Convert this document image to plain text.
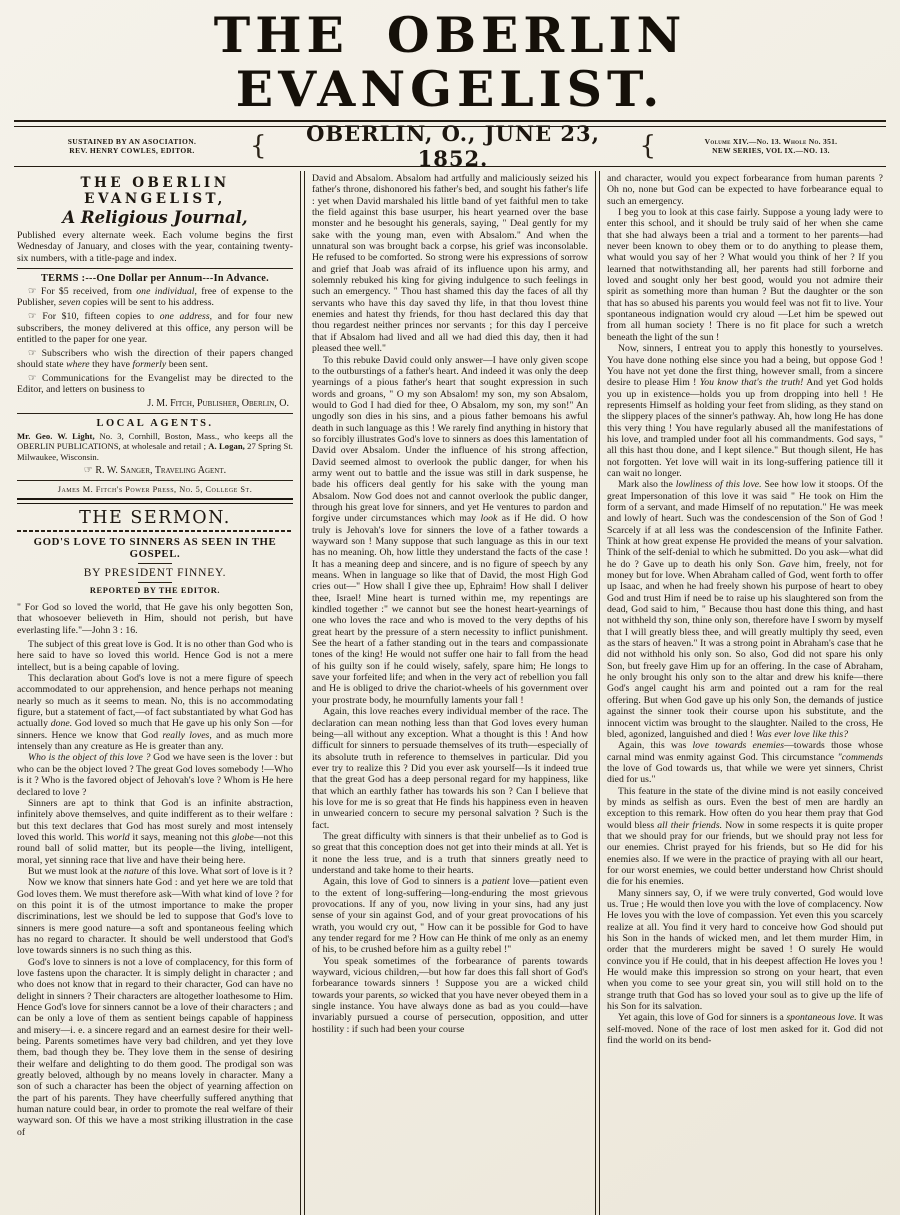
THE OBERLIN EVANGELIST.
SUSTAINED BY AN ASOCIATION.
REV. HENRY COWLES, EDITOR.	{	OBERLIN, O., JUNE 23, 1852.	{	Volume XIV.—No. 13. Whole No. 351.
NEW SERIES, VOL IX.—NO. 13.
THE OBERLIN EVANGELIST,
A Religious Journal,

Published every alternate week. Each volume begins the first Wednesday of January, and closes with the year, containing twenty-six numbers, with a title-page and index.

TERMS :---One Dollar per Annum---In Advance.

☞ For $5 received, from one individual, free of expense to the Publisher, seven copies will be sent to his address.

☞ For $10, fifteen copies to one address, and for four new subscribers, the money delivered at this office, any person will be entitled to the paper for one year.

☞ Subscribers who wish the direction of their papers changed should state where they have formerly been sent.

☞ Communications for the Evangelist may be directed to the Editor, and letters on business to

J. M. Fitch, Publisher, Oberlin, O.
LOCAL AGENTS.

Mr. Geo. W. Light, No. 3, Cornhill, Boston, Mass., who keeps all the OBERLIN PUBLICATIONS, at wholesale and retail ; A. Logan, 27 Spring St. Milwaukee, Wisconsin.

☞ R. W. Sanger, Traveling Agent.
James M. Fitch's Power Press, No. 5, College St.
THE SERMON.
GOD'S LOVE TO SINNERS AS SEEN IN THE GOSPEL.
BY PRESIDENT FINNEY.
REPORTED BY THE EDITOR.

" For God so loved the world, that He gave his only begotten Son, that whosoever believeth in Him, should not perish, but have everlasting life."—John 3 : 16.

The subject of this great love is God. It is no other than God who is here said to have so loved this world. Hence God is not a mere intellect, but is a being capable of loving.

This declaration about God's love is not a mere figure of speech accommodated to our apprehension, and hence perhaps not meaning nearly so much as it seems to mean. No, this is no accommodating figure, but a statement of fact,—of fact substantiated by what God has actually done. God loved so much that He gave up his only Son —for sinners. Hence we know that God really loves, and as much more intensely than any creature as He is greater than any.

Who is the object of this love ? God we have seen is the lover : but who can be the object loved ? The great God loves somebody !—Who is it ? Who is the favored object of Jehovah's love ? Whom is He here declared to love ?

Sinners are apt to think that God is an infinite abstraction, infinitely above themselves, and quite indifferent as to their welfare : but this text declares that God has most surely and most intensely loved this world. This world it says, meaning not this globe—not this round ball of solid matter, but its people—the living, intelligent, moral, yet sinning race that live and have their being here.

But we must look at the nature of this love. What sort of love is it ?

Now we know that sinners hate God : and yet here we are told that God loves them. We must therefore ask—With what kind of love ? for on this point it is of the utmost importance to make the proper discriminations, lest we should be led to suppose that God's love to sinners is mere good nature—a soft and spontaneous feeling which has no regard to character. It should be well understood that God's love towards sinners is no such thing as this.

God's love to sinners is not a love of complacency, for this form of love fastens upon the character. It is simply delight in character ; and who does not know that in regard to their character, God can have no delight in sinners ? Their characters are altogether loathesome to Him. Hence God's love for sinners cannot be a love of their characters ; and can be only a love of them as sentient beings capable of happiness and misery—i. e. a sincere regard and an earnest desire for their well-being. Parents sometimes have very bad children, and yet they love them, bad though they be. They love them in the sense of desiring their welfare and delighting to do them good. The prodigal son was greatly beloved, although by no means lovely in character. Many a son of such a character has been the object of yearning affection on the part of his parents. They have cheerfully suffered anything that human nature could bear, in order to promote the real welfare of their wayward son. Of this we have a most striking illustration in the case of

David and Absalom. Absalom had artfully and maliciously seized his father's throne, dishonored his father's bed, and sought his father's life : yet when David marshaled his little band of yet faithful men to take the field against this base usurper, his heart yearned over the base monster and he besought his generals, saying, " Deal gently for my sake with the young man, even with Absalom." And when the unnatural son was brought back a corpse, his grief was inconsolable. He refused to be comforted. So strong were his expressions of sorrow and grief that Joab was afraid of its influence upon his army, and solemnly rebuked his king for giving indulgence to such feelings in such an emergency. " Thou hast shamed this day the faces of all thy servants who have this day saved thy life, in that thou lovest thine enemies and hatest thy friends, for thou hast declared this day that thou regardest neither princes nor servants ; for this day I perceive that if Absalom had lived and all we had died this day, then it had pleased thee well."

To this rebuke David could only answer—I have only given scope to the outburstings of a father's heart. And indeed it was only the deep yearnings of a pious father's heart that sought expression in such words and groans, " O my son Absalom! my son, my son Absalom, would to God I had died for thee, O Absalom, my son, my son!" An ungodly son dies in his sins, and a pious father bemoans his awful death in such language as this ! We rarely find anything in history that so forcibly illustrates God's love to sinners as does this lamentation of David over Absalom. Under the influence of his strong affection, David seemed almost to overlook the public danger, for when his army went out to battle and the issue was still in dark suspense, he bade his officers deal gently for his sake with the young man Absalom. Now God does not and cannot overlook the public danger, through his great love for sinners, and yet He ventures to pardon and forgive under circumstances which may look as if He did. O how truly is Jehovah's love for sinners the love of a father towards a wayward son ! Many suppose that such language as this in our text has no meaning. Oh, how little they understand the facts of the case ! It has a meaning deep and sincere, and is no figure of speech by any means. When in language so like that of David, the most High God cries out—" How shall I give thee up, Ephraim! How shall I deliver thee, Israel! Mine heart is turned within me, my repentings are kindled together :" we cannot but see the honest heart-yearnings of one who loves the race and who is moved to the very depths of his great heart by the pressure of a stern necessity to inflict punishment. See the heart of a father standing out in the tears and compassionate tones of the king! He would not suffer one hair to fall from the head of his guilty son if he could wisely, safely, spare him; He longs to save your forfeited life; and when in the very act of rebellion you fall and He is obliged to drive the chariot-wheels of his government over your prostrate body, he mournfully laments your fall !

Again, this love reaches every individual member of the race. The declaration can mean nothing less than that God loves every human being—all without any exception. What a thought is this ! And how difficult for sinners to persuade themselves of its truth—especially of its absolute truth in reference to themselves in particular. Did you ever try to realize this ? Did you ever ask yourself—Is it indeed true that the great God has a deep personal regard for my happiness, like that which an earthly father has towards his son ? Can I believe that his love for me is so great that He finds his happiness even in heaven in unwearied concern to secure my personal salvation ? Such is the fact.

The great difficulty with sinners is that their unbelief as to God is so great that this conception does not get into their minds at all. Yet is it none the less true, and is a truth that sinners greatly need to understand and take home to their hearts.

Again, this love of God to sinners is a patient love—patient even to the extent of long-suffering—long-enduring the most grievous provocations. If any of you, now living in your sins, had any just sense of your sin against God, and of your great provocations of his wrath, you would cry out, " How can it be possible for God to have any tender regard for me ? How can He think of me only as an enemy of his, to be crushed before him as a guilty rebel !"

You speak sometimes of the forbearance of parents towards wayward, vicious children,—but how far does this fall short of God's forbearance towards sinners ! Suppose you are a wicked child towards your parents, so wicked that you have never obeyed them in a single instance. You have always done as bad as you could—have invariably pursued a course of persecution, opposition, and utter hostility : if such had been your course

and character, would you expect forbearance from human parents ? Oh no, none but God can be expected to have forbearance equal to such an emergency.

I beg you to look at this case fairly. Suppose a young lady were to enter this school, and it should be truly said of her when she came that she had always been a trial and a torment to her parents—had never been known to obey them or to do anything to please them, what would you say of her ? What would you think of her ? If you learned that notwithstanding all, her parents had still forborne and loved and sought only her best good, would you not admire their spirit as something more than human ? But the daughter or the son that has so abused his parents you would feel was not fit to live. Your spontaneous indignation would cry aloud —Let him be spewed out from all human society ! There is no fit place for such a wretch beneath the light of the sun !

Now, sinners, I entreat you to apply this honestly to yourselves. You have done nothing else since you had a being, but oppose God ! You have not yet done the first thing, however small, from a sincere desire to please Him ! You know that's the truth! And yet God holds you up in existence—holds you up from dropping into hell ! He represents Himself as holding your feet from sliding, as they stand on the slippery places of the sinner's pathway. Ah, how long He has done this very thing ! You have regularly abused all the manifestations of his love, and trampled under foot all his commandments. God says, " all this hast thou done, and I kept silence." But though silent, He has not forgotten. Yet love will wait in its long-suffering patience till it can wait no longer.

Mark also the lowliness of this love. See how low it stoops. Of the great Impersonation of this love it was said " He took on Him the form of a servant, and made Himself of no reputation." He was meek and lowly of heart. Such was the condescension of the Son of God ! Scarcely if at all less was the condescension of the Infinite Father. Think at how great expense He provided the means of your salvation. Think of the self-denial to which he submitted. Do you ask—what did he do ? Gave up to death his only Son. Gave him, freely, not for money but for love. When Abraham called of God, went forth to offer up Isaac, and when he had freely shown his purpose of heart to obey God and trust Him if need be to raise up his slaughtered son from the dead, God said to him, " Because thou hast done this thing, and hast not withheld thy son, thine only son, therefore have I sworn by myself that I will greatly bless thee, and will greatly multiply thy seed, even as the stars of heaven." It was a strong point in Abraham's case that he did not withhold his only son. So also, God did not spare his only Son, but freely gave Him up for an offering. In the case of Abraham, he only brought his only son to the altar and drew his knife—there God's angel caught his arm and pointed out a ram for the real offering. But when God gave up his only Son, the demands of justice against the sinner took their course upon his substitute, and the innocent victim was brought to the slaughter. Nailed to the cross, He bled, agonized, languished and died ! Was ever love like this?

Again, this was love towards enemies—towards those whose carnal mind was enmity against God. This circumstance "commends the love of God towards us, that while we were yet sinners, Christ died for us."

This feature in the state of the divine mind is not easily conceived by minds as selfish as ours. Even the best of men are hardly an exception to this remark. How often do you hear them pray that God would bless all their friends. Now in some respects it is quite proper that we should pray for our friends, but we should pray not less for our enemies. Christ prayed for his friends, but so He did for his enemies also. If we were in the practice of praying with all our heart, for our worst enemies, we could better understand how Christ should die for his enemies.

Many sinners say, O, if we were truly converted, God would love us. True ; He would then love you with the love of complacency. Now He loves you with the love of compassion. Yet even this you scarcely realize at all. You find it very hard to conceive how God should put his Son in the hands of wicked men, and let them murder Him, in order that the murderers might be saved ! O surely He would convince you if He could, that in his deepest affection He loves you ! He would make this impression so strong on your heart, that even when you come to see your great sin, you will still hold on to the strange truth that God has so loved your soul as to give up the life of his Son for its salvation.

Yet again, this love of God for sinners is a spontaneous love. It was self-moved. None of the race of lost men asked for it. God did not find the world on its bend-
